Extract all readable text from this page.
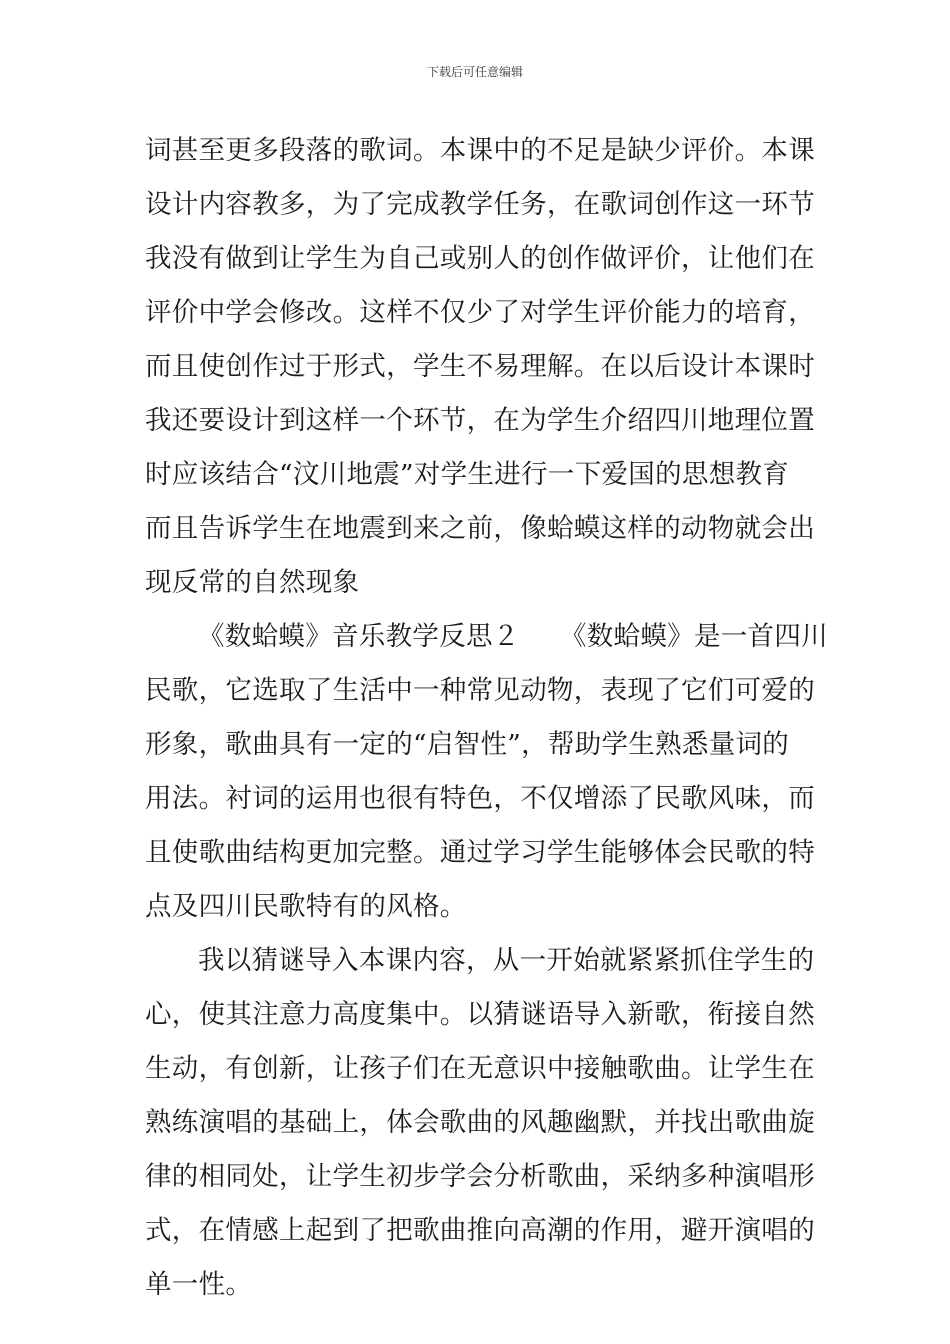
下载后可任意编辑
词甚至更多段落的歌词。本课中的不足是缺少评价。本课
设计内容教多，为了完成教学任务，在歌词创作这一环节
我没有做到让学生为自己或别人的创作做评价，让他们在
评价中学会修改。这样不仅少了对学生评价能力的培育，
而且使创作过于形式，学生不易理解。在以后设计本课时
我还要设计到这样一个环节，在为学生介绍四川地理位置
时应该结合“汶川地震”对学生进行一下爱国的思想教育
而且告诉学生在地震到来之前，像蛤蟆这样的动物就会出
现反常的自然现象
《数蛤蟆》音乐教学反思２　　《数蛤蟆》是一首四川
民歌，它选取了生活中一种常见动物，表现了它们可爱的
形象，歌曲具有一定的“启智性”，帮助学生熟悉量词的
用法。衬词的运用也很有特色，不仅增添了民歌风味，而
且使歌曲结构更加完整。通过学习学生能够体会民歌的特
点及四川民歌特有的风格。
我以猜谜导入本课内容，从一开始就紧紧抓住学生的
心，使其注意力高度集中。以猜谜语导入新歌，衔接自然
生动，有创新，让孩子们在无意识中接触歌曲。让学生在
熟练演唱的基础上，体会歌曲的风趣幽默，并找出歌曲旋
律的相同处，让学生初步学会分析歌曲，采纳多种演唱形
式，在情感上起到了把歌曲推向高潮的作用，避开演唱的
单一性。
